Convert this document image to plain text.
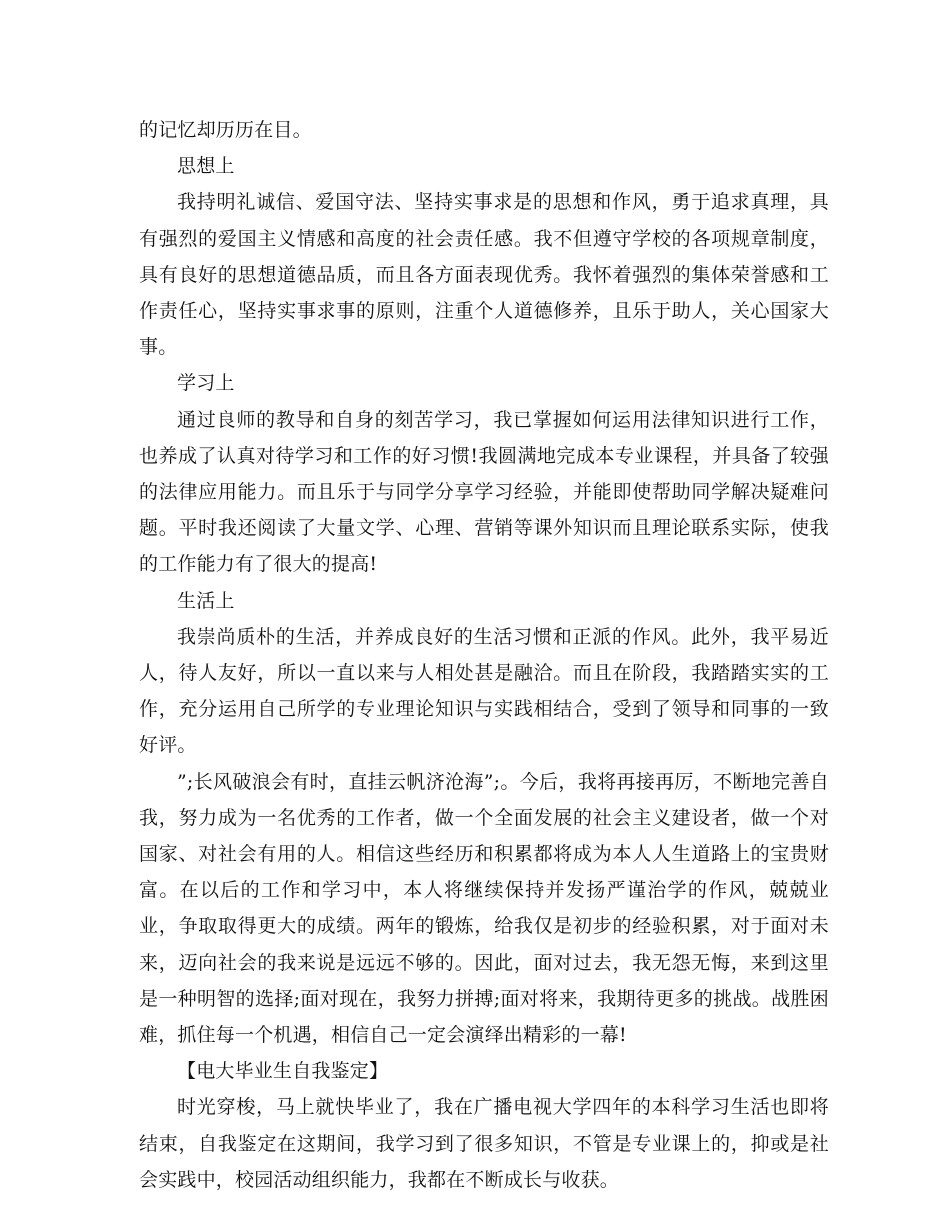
的记忆却历历在目。

思想上

我持明礼诚信、爱国守法、坚持实事求是的思想和作风，勇于追求真理，具有强烈的爱国主义情感和高度的社会责任感。我不但遵守学校的各项规章制度，具有良好的思想道德品质，而且各方面表现优秀。我怀着强烈的集体荣誉感和工作责任心，坚持实事求事的原则，注重个人道德修养，且乐于助人，关心国家大事。

学习上

通过良师的教导和自身的刻苦学习，我已掌握如何运用法律知识进行工作，也养成了认真对待学习和工作的好习惯!我圆满地完成本专业课程，并具备了较强的法律应用能力。而且乐于与同学分享学习经验，并能即使帮助同学解决疑难问题。平时我还阅读了大量文学、心理、营销等课外知识而且理论联系实际，使我的工作能力有了很大的提高!

生活上

我崇尚质朴的生活，并养成良好的生活习惯和正派的作风。此外，我平易近人，待人友好，所以一直以来与人相处甚是融洽。而且在阶段，我踏踏实实的工作，充分运用自己所学的专业理论知识与实践相结合，受到了领导和同事的一致好评。

”;长风破浪会有时，直挂云帆济沧海”;。今后，我将再接再厉，不断地完善自我，努力成为一名优秀的工作者，做一个全面发展的社会主义建设者，做一个对国家、对社会有用的人。相信这些经历和积累都将成为本人人生道路上的宝贵财富。在以后的工作和学习中，本人将继续保持并发扬严谨治学的作风，兢兢业业，争取取得更大的成绩。两年的锻炼，给我仅是初步的经验积累，对于面对未来，迈向社会的我来说是远远不够的。因此，面对过去，我无怨无悔，来到这里是一种明智的选择;面对现在，我努力拼搏;面对将来，我期待更多的挑战。战胜困难，抓住每一个机遇，相信自己一定会演绎出精彩的一幕!

【电大毕业生自我鉴定】

时光穿梭，马上就快毕业了，我在广播电视大学四年的本科学习生活也即将结束，自我鉴定在这期间，我学习到了很多知识，不管是专业课上的，抑或是社会实践中，校园活动组织能力，我都在不断成长与收获。
